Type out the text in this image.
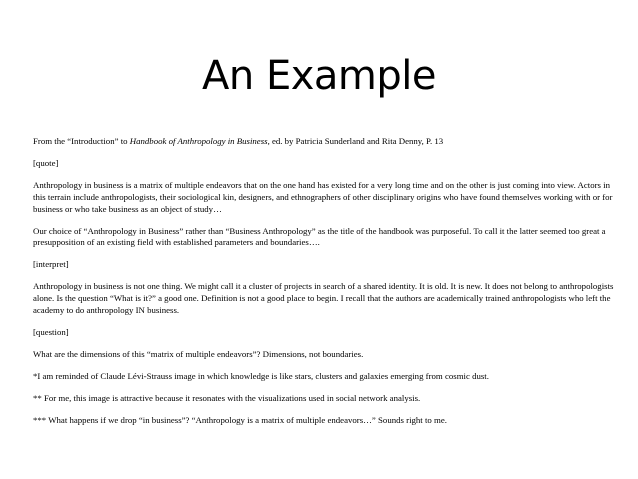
An Example

From the “Introduction” to Handbook of Anthropology in Business, ed. by Patricia Sunderland and Rita Denny, P. 13

[quote]

Anthropology in business is a matrix of multiple endeavors that on the one hand has existed for a very long time and on the other is just coming into view. Actors in this terrain include anthropologists, their sociological kin, designers, and ethnographers of other disciplinary origins who have found themselves working with or for business or who take business as an object of study…

Our choice of “Anthropology in Business” rather than “Business Anthropology” as the title of the handbook was purposeful. To call it the latter seemed too great a presupposition of an existing field with established parameters and boundaries….

[interpret]

Anthropology in business is not one thing. We might call it a cluster of projects in search of a shared identity. It is old. It is new. It does not belong to anthropologists alone. Is the question “What is it?” a good one. Definition is not a good place to begin. I recall that the authors are academically trained anthropologists who left the academy to do anthropology IN business.

[question]

What are the dimensions of this “matrix of multiple endeavors”? Dimensions, not boundaries.

*I am reminded of Claude Lévi-Strauss image in which knowledge is like stars, clusters and galaxies emerging from cosmic dust.

** For me, this image is attractive because it resonates with the visualizations used in social network analysis.

*** What happens if we drop “in business”? “Anthropology is a matrix of multiple endeavors…” Sounds right to me.
